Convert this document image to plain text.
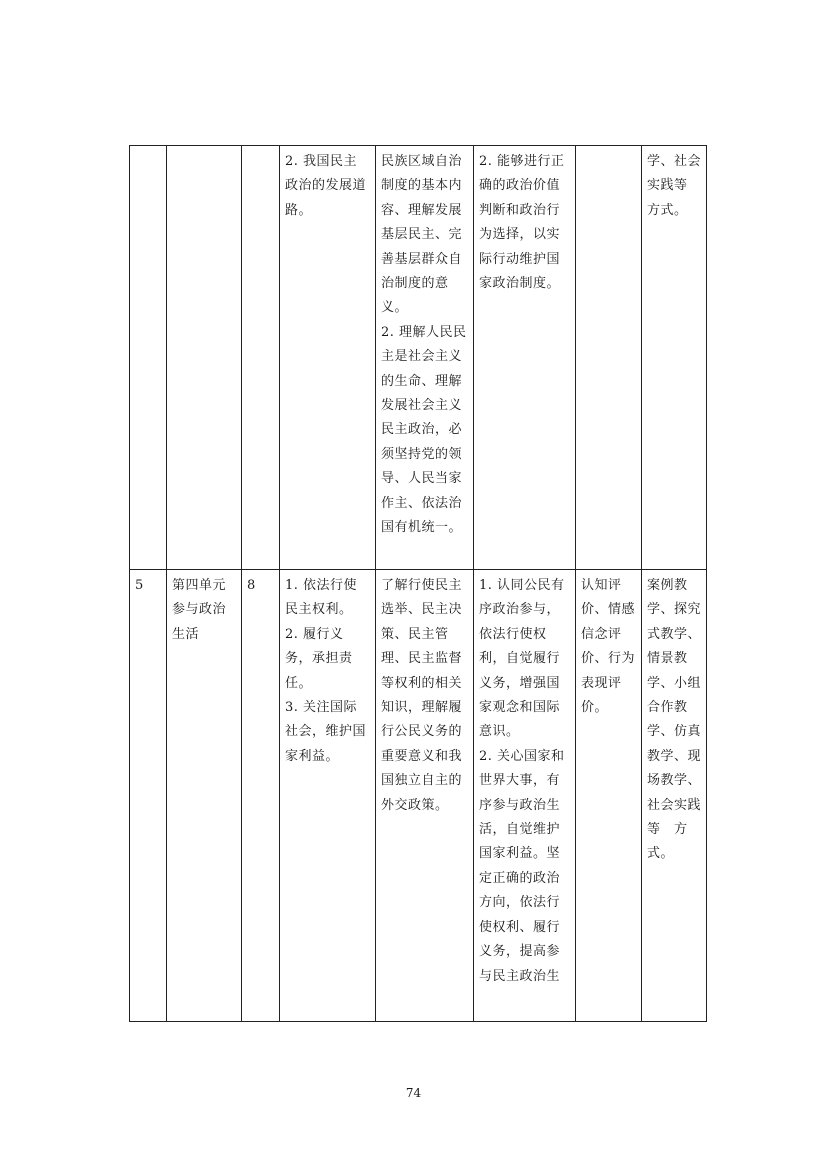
			2. 我国民主政治的发展道路。	民族区域自治制度的基本内容、理解发展基层民主、完善基层群众自治制度的意义。
2. 理解人民民主是社会主义的生命、理解发展社会主义民主政治，必须坚持党的领导、人民当家作主、依法治国有机统一。	2. 能够进行正确的政治价值判断和政治行为选择，以实际行动维护国家政治制度。		学、社会实践等　方式。

5	第四单元参与政治生活	8	1. 依法行使民主权利。
2. 履行义务，承担责任。
3. 关注国际社会，维护国家利益。	了解行使民主选举、民主决策、民主管理、民主监督等权利的相关知识，理解履行公民义务的重要意义和我国独立自主的外交政策。	1. 认同公民有序政治参与，依法行使权利，自觉履行义务，增强国家观念和国际意识。
2. 关心国家和世界大事，有序参与政治生活，自觉维护国家利益。坚定正确的政治方向，依法行使权利、履行义务，提高参与民主政治生	认知评价、情感信念评价、行为表现评价。	案例教学、探究式教学、情景教学、小组合作教学、仿真教学、现场教学、社会实践等　方式。
74
